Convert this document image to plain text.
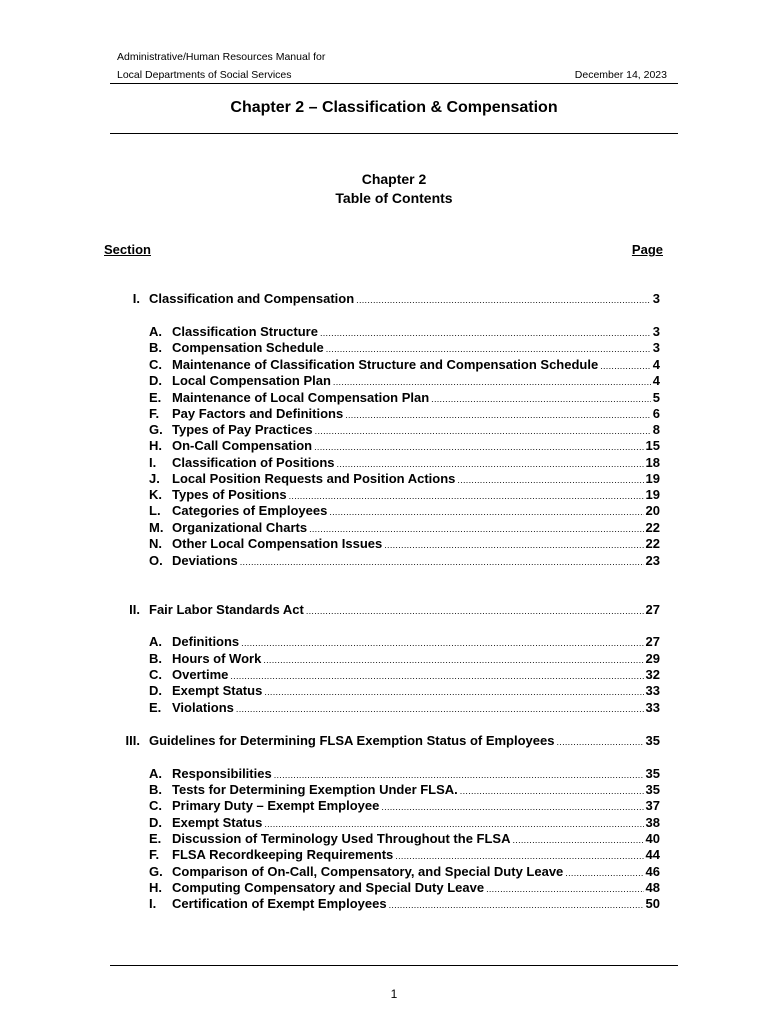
Administrative/Human Resources Manual for
Local Departments of Social Services	December 14, 2023
Chapter 2 – Classification & Compensation
Chapter 2
Table of Contents
Section	Page
I. Classification and Compensation .....	3
A. Classification Structure .....	3
B. Compensation Schedule .....	3
C. Maintenance of Classification Structure and Compensation Schedule .....	4
D. Local Compensation Plan .....	4
E. Maintenance of Local Compensation Plan .....	5
F. Pay Factors and Definitions .....	6
G. Types of Pay Practices .....	8
H. On-Call Compensation .....	15
I.	Classification of Positions .....	18
J. Local Position Requests and Position Actions .....	19
K. Types of Positions .....	19
L. Categories of Employees .....	20
M. Organizational Charts .....	22
N. Other Local Compensation Issues .....	22
O. Deviations .....	23
II. Fair Labor Standards Act .....	27
A. Definitions .....	27
B. Hours of Work .....	29
C. Overtime .....	32
D. Exempt Status .....	33
E. Violations .....	33
III. Guidelines for Determining FLSA Exemption Status of Employees .....	35
A. Responsibilities .....	35
B. Tests for Determining Exemption Under FLSA. .....	35
C. Primary Duty – Exempt Employee .....	37
D. Exempt Status .....	38
E. Discussion of Terminology Used Throughout the FLSA .....	40
F. FLSA Recordkeeping Requirements .....	44
G. Comparison of On-Call, Compensatory, and Special Duty Leave .....	46
H. Computing Compensatory and Special Duty Leave .....	48
I.	Certification of Exempt Employees .....	50
1
